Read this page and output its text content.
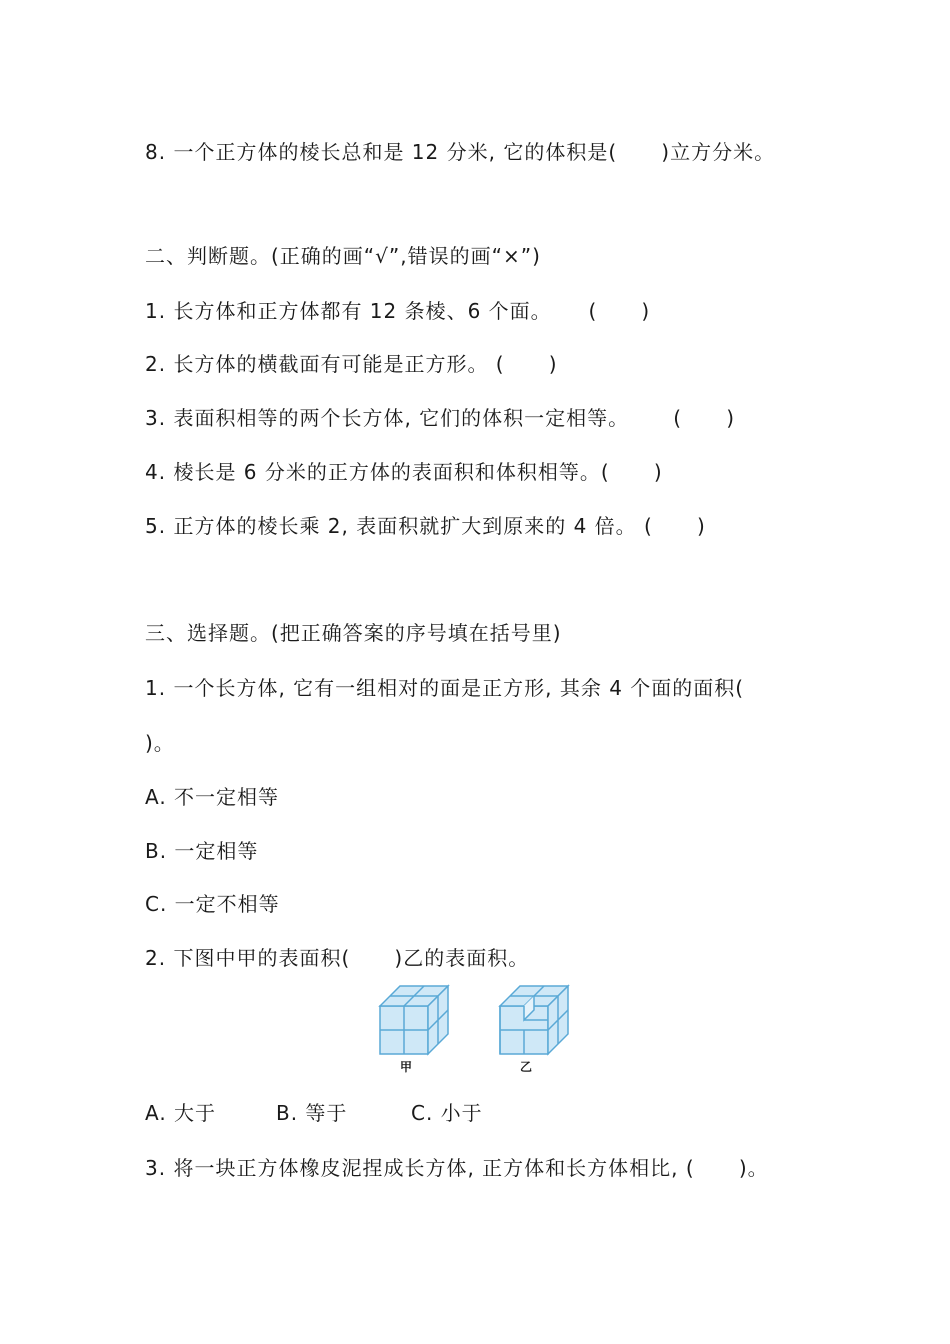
8. 一个正方体的棱长总和是 12 分米, 它的体积是(      )立方分米。
二、判断题。(正确的画“√”,错误的画“×”)
1. 长方体和正方体都有 12 条棱、6 个面。     (      )
2. 长方体的横截面有可能是正方形。 (      )
3. 表面积相等的两个长方体, 它们的体积一定相等。      (      )
4. 棱长是 6 分米的正方体的表面积和体积相等。(      )
5. 正方体的棱长乘 2, 表面积就扩大到原来的 4 倍。 (      )
三、选择题。(把正确答案的序号填在括号里)
1. 一个长方体, 它有一组相对的面是正方形, 其余 4 个面的面积(
)。
A. 不一定相等
B. 一定相等
C. 一定不相等
2. 下图中甲的表面积(      )乙的表面积。
甲	乙
A. 大于	B. 等于	C. 小于
3. 将一块正方体橡皮泥捏成长方体, 正方体和长方体相比, (      )。
